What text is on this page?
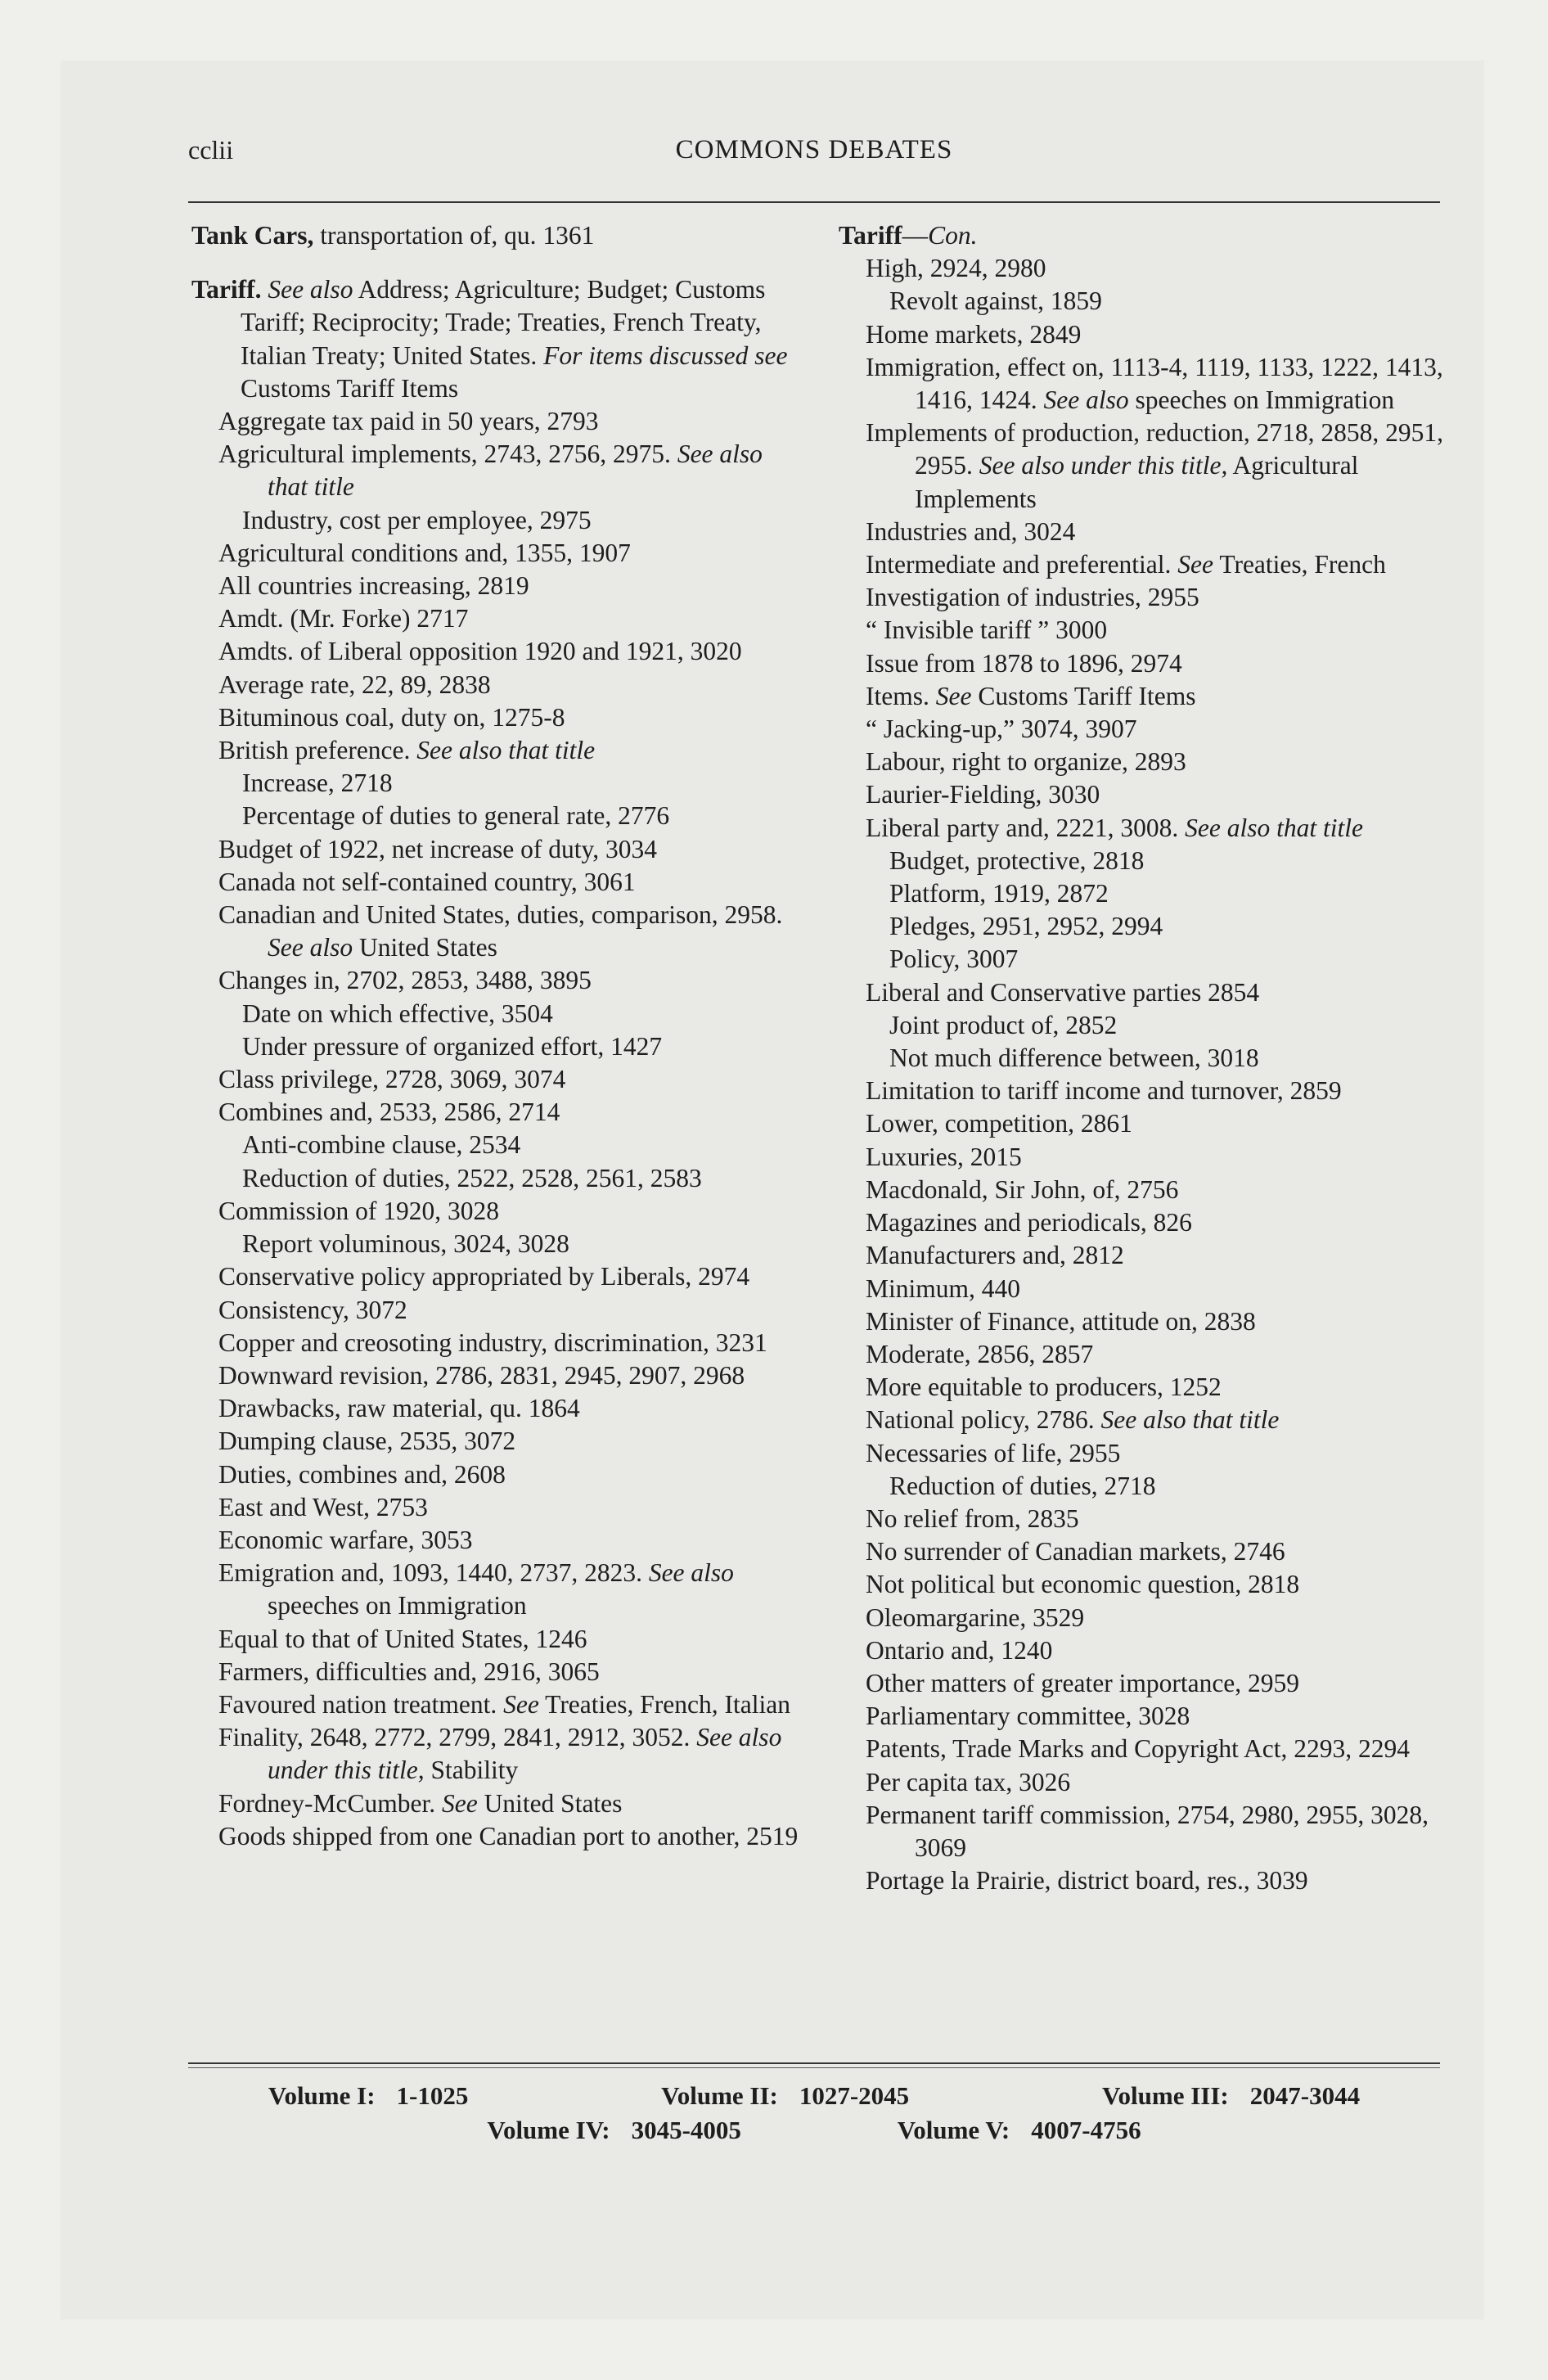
cclii	COMMONS DEBATES
Tank Cars, transportation of, qu. 1361
Tariff. See also Address; Agriculture; Budget; Customs Tariff; Reciprocity; Trade; Treaties, French Treaty, Italian Treaty; United States. For items discussed see Customs Tariff Items
Aggregate tax paid in 50 years, 2793
Agricultural implements, 2743, 2756, 2975. See also that title
Industry, cost per employee, 2975
Agricultural conditions and, 1355, 1907
All countries increasing, 2819
Amdt. (Mr. Forke) 2717
Amdts. of Liberal opposition 1920 and 1921, 3020
Average rate, 22, 89, 2838
Bituminous coal, duty on, 1275-8
British preference. See also that title
Increase, 2718
Percentage of duties to general rate, 2776
Budget of 1922, net increase of duty, 3034
Canada not self-contained country, 3061
Canadian and United States, duties, comparison, 2958. See also United States
Changes in, 2702, 2853, 3488, 3895
Date on which effective, 3504
Under pressure of organized effort, 1427
Class privilege, 2728, 3069, 3074
Combines and, 2533, 2586, 2714
Anti-combine clause, 2534
Reduction of duties, 2522, 2528, 2561, 2583
Commission of 1920, 3028
Report voluminous, 3024, 3028
Conservative policy appropriated by Liberals, 2974
Consistency, 3072
Copper and creosoting industry, discrimination, 3231
Downward revision, 2786, 2831, 2945, 2907, 2968
Drawbacks, raw material, qu. 1864
Dumping clause, 2535, 3072
Duties, combines and, 2608
East and West, 2753
Economic warfare, 3053
Emigration and, 1093, 1440, 2737, 2823. See also speeches on Immigration
Equal to that of United States, 1246
Farmers, difficulties and, 2916, 3065
Favoured nation treatment. See Treaties, French, Italian
Finality, 2648, 2772, 2799, 2841, 2912, 3052. See also under this title, Stability
Fordney-McCumber. See United States
Goods shipped from one Canadian port to another, 2519
Tariff—Con.
High, 2924, 2980
Revolt against, 1859
Home markets, 2849
Immigration, effect on, 1113-4, 1119, 1133, 1222, 1413, 1416, 1424. See also speeches on Immigration
Implements of production, reduction, 2718, 2858, 2951, 2955. See also under this title, Agricultural Implements
Industries and, 3024
Intermediate and preferential. See Treaties, French
Investigation of industries, 2955
“ Invisible tariff ” 3000
Issue from 1878 to 1896, 2974
Items. See Customs Tariff Items
“ Jacking-up,” 3074, 3907
Labour, right to organize, 2893
Laurier-Fielding, 3030
Liberal party and, 2221, 3008. See also that title
Budget, protective, 2818
Platform, 1919, 2872
Pledges, 2951, 2952, 2994
Policy, 3007
Liberal and Conservative parties 2854
Joint product of, 2852
Not much difference between, 3018
Limitation to tariff income and turnover, 2859
Lower, competition, 2861
Luxuries, 2015
Macdonald, Sir John, of, 2756
Magazines and periodicals, 826
Manufacturers and, 2812
Minimum, 440
Minister of Finance, attitude on, 2838
Moderate, 2856, 2857
More equitable to producers, 1252
National policy, 2786. See also that title
Necessaries of life, 2955
Reduction of duties, 2718
No relief from, 2835
No surrender of Canadian markets, 2746
Not political but economic question, 2818
Oleomargarine, 3529
Ontario and, 1240
Other matters of greater importance, 2959
Parliamentary committee, 3028
Patents, Trade Marks and Copyright Act, 2293, 2294
Per capita tax, 3026
Permanent tariff commission, 2754, 2980, 2955, 3028, 3069
Portage la Prairie, district board, res., 3039
Volume I: 1-1025	Volume II: 1027-2045	Volume III: 2047-3044
Volume IV: 3045-4005	Volume V: 4007-4756
